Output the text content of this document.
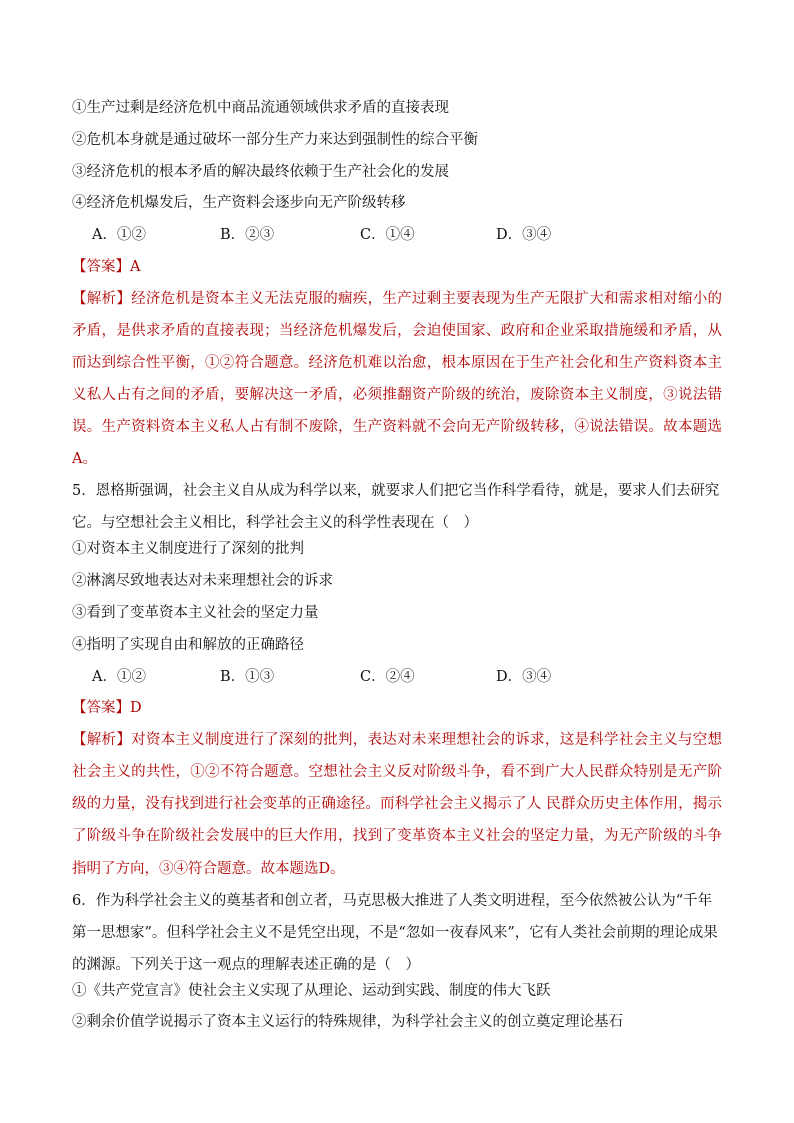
①生产过剩是经济危机中商品流通领域供求矛盾的直接表现
②危机本身就是通过破坏一部分生产力来达到强制性的综合平衡
③经济危机的根本矛盾的解决最终依赖于生产社会化的发展
④经济危机爆发后，生产资料会逐步向无产阶级转移
A．①②	B．②③	C．①④	D．③④
【答案】A

【解析】经济危机是资本主义无法克服的痼疾，生产过剩主要表现为生产无限扩大和需求相对缩小的矛盾，是供求矛盾的直接表现；当经济危机爆发后，会迫使国家、政府和企业采取措施缓和矛盾，从而达到综合性平衡，①②符合题意。经济危机难以治愈，根本原因在于生产社会化和生产资料资本主义私人占有之间的矛盾，要解决这一矛盾，必须推翻资产阶级的统治，废除资本主义制度，③说法错误。生产资料资本主义私人占有制不废除，生产资料就不会向无产阶级转移，④说法错误。故本题选A。

5．恩格斯强调，社会主义自从成为科学以来，就要求人们把它当作科学看待，就是，要求人们去研究它。与空想社会主义相比，科学社会主义的科学性表现在（　）

①对资本主义制度进行了深刻的批判
②淋漓尽致地表达对未来理想社会的诉求
③看到了变革资本主义社会的坚定力量
④指明了实现自由和解放的正确路径
A．①②	B．①③	C．②④	D．③④
【答案】D

【解析】对资本主义制度进行了深刻的批判，表达对未来理想社会的诉求，这是科学社会主义与空想社会主义的共性，①②不符合题意。空想社会主义反对阶级斗争，看不到广大人民群众特别是无产阶级的力量，没有找到进行社会变革的正确途径。而科学社会主义揭示了人 民群众历史主体作用，揭示了阶级斗争在阶级社会发展中的巨大作用，找到了变革资本主义社会的坚定力量，为无产阶级的斗争指明了方向，③④符合题意。故本题选D。

6．作为科学社会主义的奠基者和创立者，马克思极大推进了人类文明进程，至今依然被公认为“千年第一思想家”。但科学社会主义不是凭空出现，不是“忽如一夜春风来”，它有人类社会前期的理论成果的渊源。下列关于这一观点的理解表述正确的是（　）

①《共产党宣言》使社会主义实现了从理论、运动到实践、制度的伟大飞跃
②剩余价值学说揭示了资本主义运行的特殊规律，为科学社会主义的创立奠定理论基石
